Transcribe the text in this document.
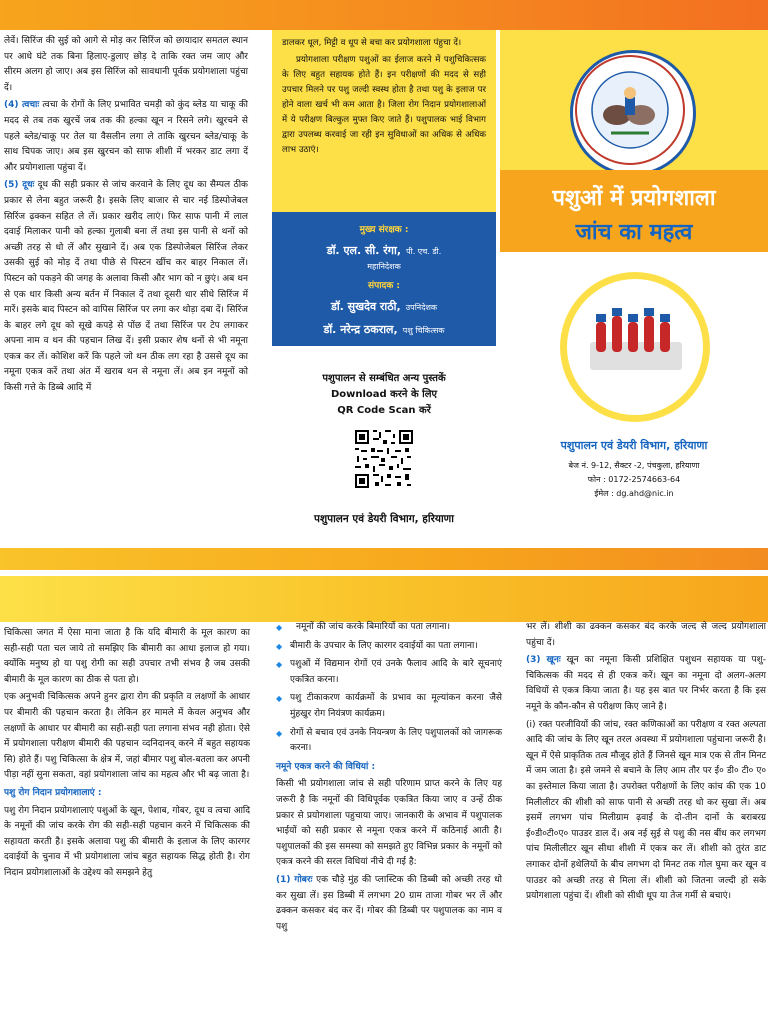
लेवें। सिरिंज की सुई को आगे से मोड़ कर सिरिंज को छायादार समतल स्थान पर आधे घंटे तक बिना हिलाए-डुलाए छोड़ दे ताकि रक्त जम जाए और सीरम अलग हो जाए। अब इस सिरिंज को सावधानी पूर्वक प्रयोगशाला पहुंचा दें।

(4) त्वचाः त्वचा के रोगों के लिए प्रभावित चमड़ी को कुंद ब्लेड या चाकू की मदद से तब तक खुरचें जब तक की हल्का खून न रिसने लगे। खुरचने से पहले ब्लेड/चाकू पर तेल या वैसलीन लगा ले ताकि खुरचन ब्लेड/चाकू के साथ चिपक जाए। अब इस खुरचन को साफ शीशी में भरकर डाट लगा दें और प्रयोगशाला पहुंचा दें।

(5) दूधः दूध की सही प्रकार से जांच करवाने के लिए दूध का सैम्पल ठीक प्रकार से लेना बहुत जरूरी है। इसके लिए बाजार से चार नई डिस्पोजेबल सिरिंज ढ़क्कन सहित ले लें। प्रकार खरीद लाएं। फिर साफ पानी में लाल दवाई मिलाकर पानी को हल्का गुलाबी बना लें तथा इस पानी से थनों को अच्छी तरह से धो लें और सुखाने दें। अब एक डिस्पोजेबल सिरिंज लेकर उसकी सुई को मोड़ दें तथा पीछे से पिस्टन खींच कर बाहर निकाल लें। पिस्टन को पकड़ने की जगह के अलावा किसी और भाग को न छुएं। अब थन से एक धार किसी अन्य बर्तन में निकाल दें तथा दूसरी धार सीधे सिरिंज में मारें। इसके बाद पिस्टन को वापिस सिरिंज पर लगा कर थोड़ा दबा दें। सिरिंज के बाहर लगे दूध को सूखे कपड़े से पोंछ दें तथा सिरिंज पर टेप लगाकर अपना नाम व थन की पहचान लिख दें। इसी प्रकार शेष थनों से भी नमूना एकत्र कर लें। कोशिश करें कि पहले जो थन ठीक लग रहा है उससे दूध का नमूना एकत्र करें तथा अंत में खराब थन से नमूना लें। अब इन नमूनों को किसी गत्ते के डिब्बे आदि में

डालकर धूल, मिट्टी व धूप से बचा कर प्रयोगशाला पंहुचा दें।

प्रयोगशाला परीक्षण पशुओं का ईलाज करने में पशुचिकित्सक के लिए बहुत सहायक होते हैं। इन परीक्षणों की मदद से सही उपचार मिलने पर पशु जल्दी स्वस्थ होता है तथा पशु के इलाज पर होने वाला खर्च भी कम आता है। जिला रोग निदान प्रयोगशालाओं में ये परीक्षण बिल्कुल मुफ्त किए जाते हैं। पशुपालक भाई विभाग द्वारा उपलब्ध करवाई जा रही इन सुविधाओं का अधिक से अधिक लाभ उठाएं।

मुख्य संरक्षक :
डॉ. एल. सी. रंगा, पी. एच. डी.
महानिदेशक
संपादक :
डॉ. सुखदेव राठी, उपनिदेशक
डॉ. नरेन्द्र ठकराल, पशु चिकित्सक
पशुपालन से सम्बंधित अन्य पुस्तकें
Download करने के लिए
QR Code Scan करें
पशुपालन एवं डेयरी विभाग, हरियाणा
पशुओं में प्रयोगशाला
जांच का महत्व
पशुपालन एवं डेयरी विभाग, हरियाणा
बेज नं. 9-12, सैक्टर -2, पंचकुला, हरियाणा
फोन : 0172-2574663-64
ईमेल : dg.ahd@nic.in

चिकित्सा जगत में ऐसा माना जाता है कि यदि बीमारी के मूल कारण का सही-सही पता चल जाये तो समझिए कि बीमारी का आधा इलाज हो गया। क्योंकि मनुष्य हो या पशु रोगी का सही उपचार तभी संभव है जब उसकी बीमारी के मूल कारण का ठीक से पता हो।

एक अनुभवी चिकित्सक अपने हुनर द्वारा रोग की प्रकृति व लक्षणों के आधार पर बीमारी की पहचान करता है। लेकिन हर मामले में केवल अनुभव और लक्षणों के आधार पर बीमारी का सही-सही पता लगाना संभव नही होता। ऐसे में प्रयोगशाला परीक्षण बीमारी की पहचान व्दनिदानव् करने में बहुत सहायक सि) होते हैं। पशु चिकित्सा के क्षेत्र में, जहां बीमार पशु बोल-बतला कर अपनी पीड़ा नहीं सुना सकता, वहां प्रयोगशाला जांच का महत्व और भी बढ़ जाता है।

पशु रोग निदान प्रयोगशालाएं :

पशु रोग निदान प्रयोगशालाएं पशुओं के खून, पेशाब, गोबर, दूध व त्वचा आदि के नमूनों की जांच करके रोग की सही-सही पहचान करने में चिकित्सक की सहायता करती है। इसके अलावा पशु की बीमारी के इलाज के लिए कारगर दवाईयों के चुनाव में भी प्रयोगशाला जांच बहुत सहायक सिद्ध होती है। रोग निदान प्रयोगशालाओं के उद्देश्य को समझने हेतु

◆ नमूनों की जांच करके बिमारियों का पता लगाना।
◆ बीमारी के उपचार के लिए कारगर दवाईयों का पता लगाना।
◆ पशुओं में विद्यमान रोगों एवं उनके फैलाव आदि के बारे सूचनाएं एकत्रित करना।
◆ पशु टीकाकरण कार्यक्रमों के प्रभाव का मूल्यांकन करना जैसे मुंहखुर रोग नियंत्रण कार्यक्रम।
◆ रोगों से बचाव एवं उनके नियन्त्रण के लिए पशुपालकों को जागरूक करना।

नमूने एकत्र करने की विधियां :

किसी भी प्रयोगशाला जांच से सही परिणाम प्राप्त करने के लिए यह जरूरी है कि नमूनों की विधिपूर्वक एकत्रित किया जाए व उन्हें ठीक प्रकार से प्रयोगशाला पहुचाया जाए। जानकारी के अभाव में पशुपालक भाईयों को सही प्रकार से नमूना एकत्र करने में कठिनाई आती है। पशुपालकों की इस समस्या को समझते हुए विभिन्न प्रकार के नमूनों को एकत्र करने की सरल विधियां नीचे दी गई है:

(1) गोबरः एक चौड़े मुंह की प्लास्टिक की डिब्बी को अच्छी तरह धो कर सुखा लें। इस डिब्बी में लगभग 20 ग्राम ताजा गोबर भर लें और ढक्कन कसकर बंद कर दें। गोबर की डिब्बी पर पशुपालक का नाम व पशु

भर लें। शीशी का ढक्कन कसकर बंद करके जल्द से जल्द प्रयोगशाला पहुंचा दें।

(3) खूनः खून का नमूना किसी प्रशिक्षित पशुधन सहायक या पशु-चिकित्सक की मदद से ही एकत्र करें। खून का नमूना दो अलग-अलग विधियों से एकत्र किया जाता है। यह इस बात पर निर्भर करता है कि इस नमूने के कौन-कौन से परीक्षण किए जाने है।

(i) रक्त परजीवियों की जांच, रक्त कणिकाओं का परीक्षण व रक्त अल्पता आदि की जांच के लिए खून तरल अवस्था में प्रयोगशाला पहुंचाना जरूरी है। खून में ऐसे प्राकृतिक तत्व मौजूद होते हैं जिनसे खून मात्र एक से तीन मिनट में जम जाता है। इसे जमने से बचाने के लिए आम तौर पर ई० डी० टी० ए० का इस्तेमाल किया जाता है। उपरोक्त परीक्षणों के लिए कांच की एक 10 मिलीलीटर की शीशी को साफ पानी से अच्छी तरह धो कर सुखा लें। अब इसमें लगभग पांच मिलीग्राम ढ़वाई के दो-तीन दानों के बराबरग्र ई०डी०टी०ए० पाउडर डाल दें। अब नई सुई से पशु की नस बींध कर लगभग पांच मिलीलीटर खून सीधा शीशी में एकत्र कर लें। शीशी को तुरंत डाट लगाकर दोनों हथेलियों के बीच लगभग दो मिनट तक गोल घुमा कर खून व पाउडर को अच्छी तरह से मिला लें। शीशी को जितना जल्दी हो सके प्रयोगशाला पहुंचा दें। शीशी को सीधी धूप या तेज गर्मी से बचाएं।
